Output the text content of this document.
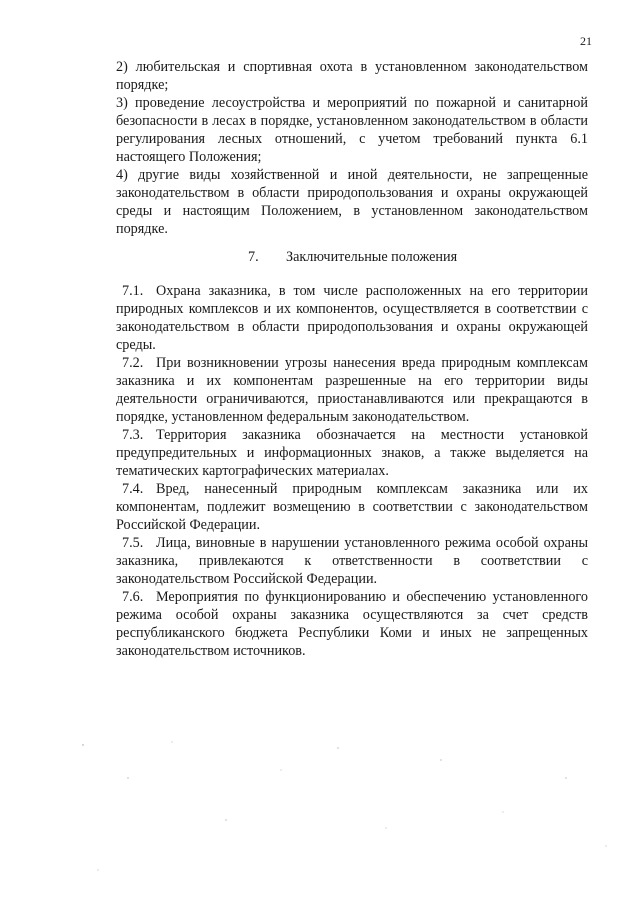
21

2) любительская и спортивная охота в установленном законодательством порядке;

3) проведение лесоустройства и мероприятий по пожарной и санитарной безопасности в лесах в порядке, установленном законодательством в области регулирования лесных отношений, с учетом требований пункта 6.1 настоящего Положения;

4) другие виды хозяйственной и иной деятельности, не запрещенные законодательством в области природопользования и охраны окружающей среды и настоящим Положением, в установленном законодательством порядке.

7. Заключительные положения

7.1. Охрана заказника, в том числе расположенных на его территории природных комплексов и их компонентов, осуществляется в соответствии с законодательством в области природопользования и охраны окружающей среды.

7.2. При возникновении угрозы нанесения вреда природным комплексам заказника и их компонентам разрешенные на его территории виды деятельности ограничиваются, приостанавливаются или прекращаются в порядке, установленном федеральным законодательством.

7.3. Территория заказника обозначается на местности установкой предупредительных и информационных знаков, а также выделяется на тематических картографических материалах.

7.4. Вред, нанесенный природным комплексам заказника или их компонентам, подлежит возмещению в соответствии с законодательством Российской Федерации.

7.5. Лица, виновные в нарушении установленного режима особой охраны заказника, привлекаются к ответственности в соответствии с законодательством Российской Федерации.

7.6. Мероприятия по функционированию и обеспечению установленного режима особой охраны заказника осуществляются за счет средств республиканского бюджета Республики Коми и иных не запрещенных законодательством источников.
